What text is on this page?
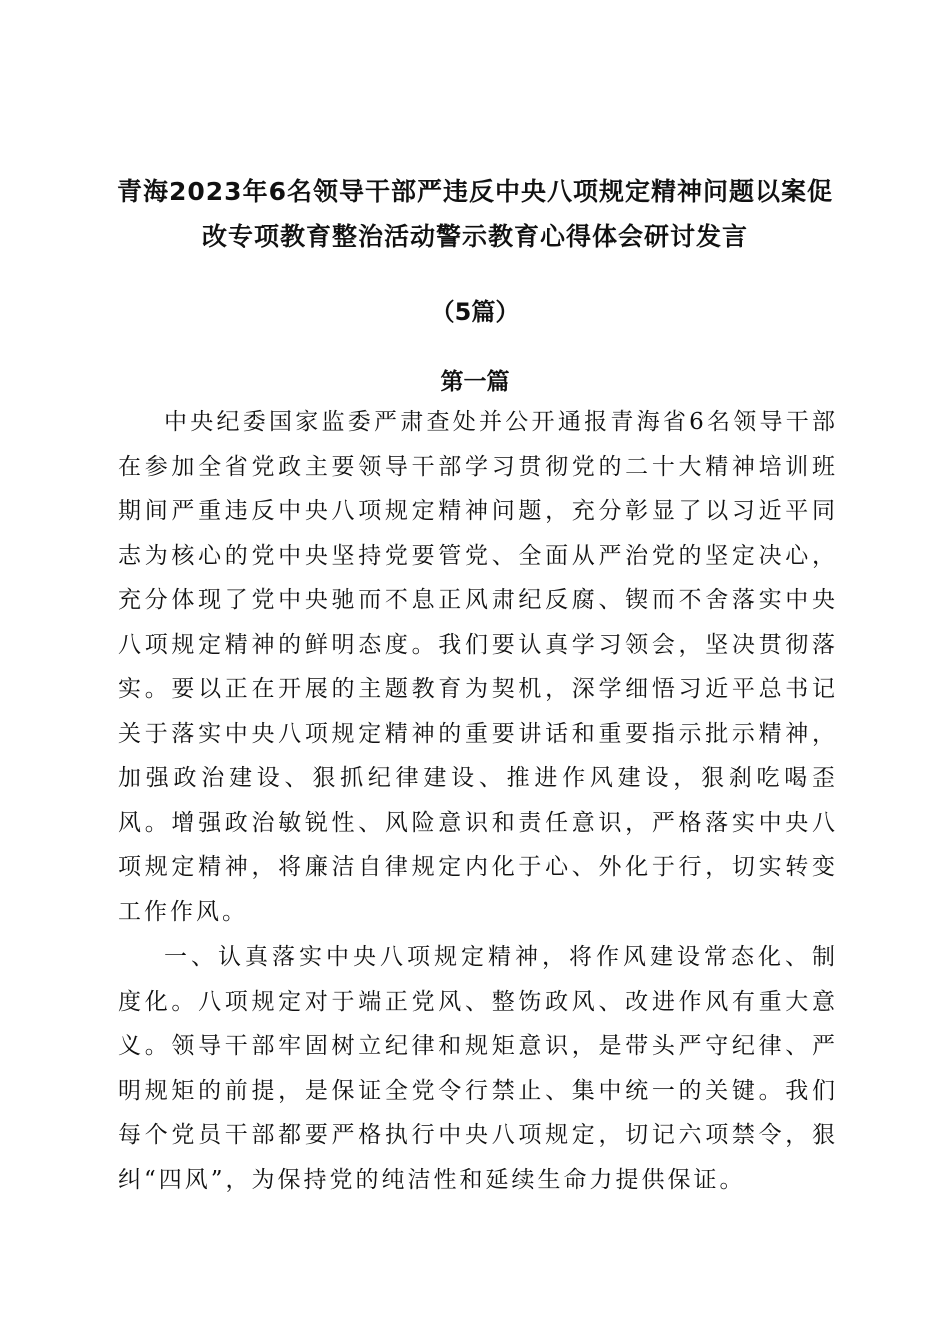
青海2023年6名领导干部严违反中央八项规定精神问题以案促
改专项教育整治活动警示教育心得体会研讨发言
（5篇）
第一篇

中央纪委国家监委严肃查处并公开通报青海省6名领导干部在参加全省党政主要领导干部学习贯彻党的二十大精神培训班期间严重违反中央八项规定精神问题，充分彰显了以习近平同志为核心的党中央坚持党要管党、全面从严治党的坚定决心，充分体现了党中央驰而不息正风肃纪反腐、锲而不舍落实中央八项规定精神的鲜明态度。我们要认真学习领会，坚决贯彻落实。要以正在开展的主题教育为契机，深学细悟习近平总书记关于落实中央八项规定精神的重要讲话和重要指示批示精神，加强政治建设、狠抓纪律建设、推进作风建设，狠刹吃喝歪风。增强政治敏锐性、风险意识和责任意识，严格落实中央八项规定精神，将廉洁自律规定内化于心、外化于行，切实转变工作作风。

一、认真落实中央八项规定精神，将作风建设常态化、制度化。八项规定对于端正党风、整饬政风、改进作风有重大意义。领导干部牢固树立纪律和规矩意识，是带头严守纪律、严明规矩的前提，是保证全党令行禁止、集中统一的关键。我们每个党员干部都要严格执行中央八项规定，切记六项禁令，狠纠“四风”，为保持党的纯洁性和延续生命力提供保证。
